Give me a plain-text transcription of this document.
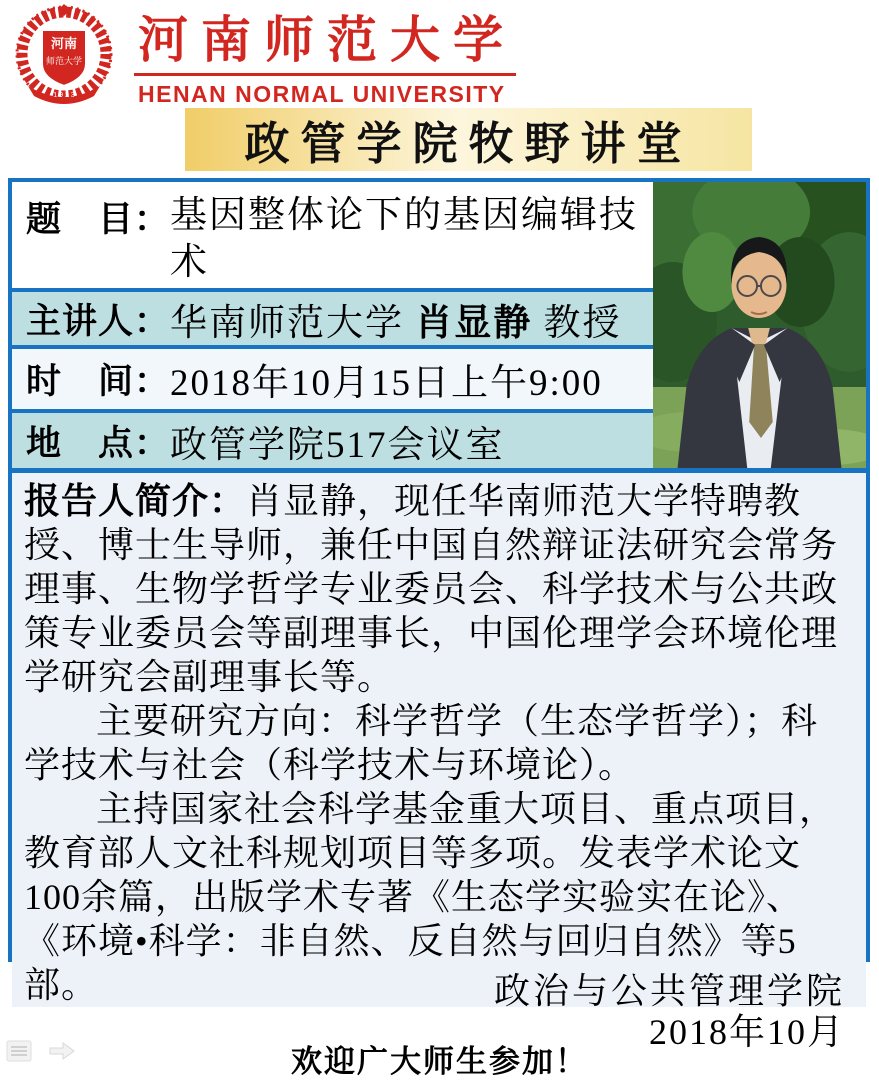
河南
师范大学
1 9 2 3
河南师范大学
HENAN NORMAL UNIVERSITY
政管学院牧野讲堂
题　目： 基因整体论下的基因编辑技术

主讲人： 华南师范大学 肖显静 教授
时　间： 2018年10月15日上午9:00
地　点： 政管学院517会议室

报告人简介：肖显静，现任华南师范大学特聘教授、博士生导师，兼任中国自然辩证法研究会常务理事、生物学哲学专业委员会、科学技术与公共政策专业委员会等副理事长，中国伦理学会环境伦理学研究会副理事长等。

主要研究方向：科学哲学（生态学哲学）；科学技术与社会（科学技术与环境论）。

主持国家社会科学基金重大项目、重点项目，教育部人文社科规划项目等多项。发表学术论文100余篇，出版学术专著《生态学实验实在论》、《环境•科学：非自然、反自然与回归自然》等5部。	政治与公共管理学院
2018年10月
欢迎广大师生参加！
